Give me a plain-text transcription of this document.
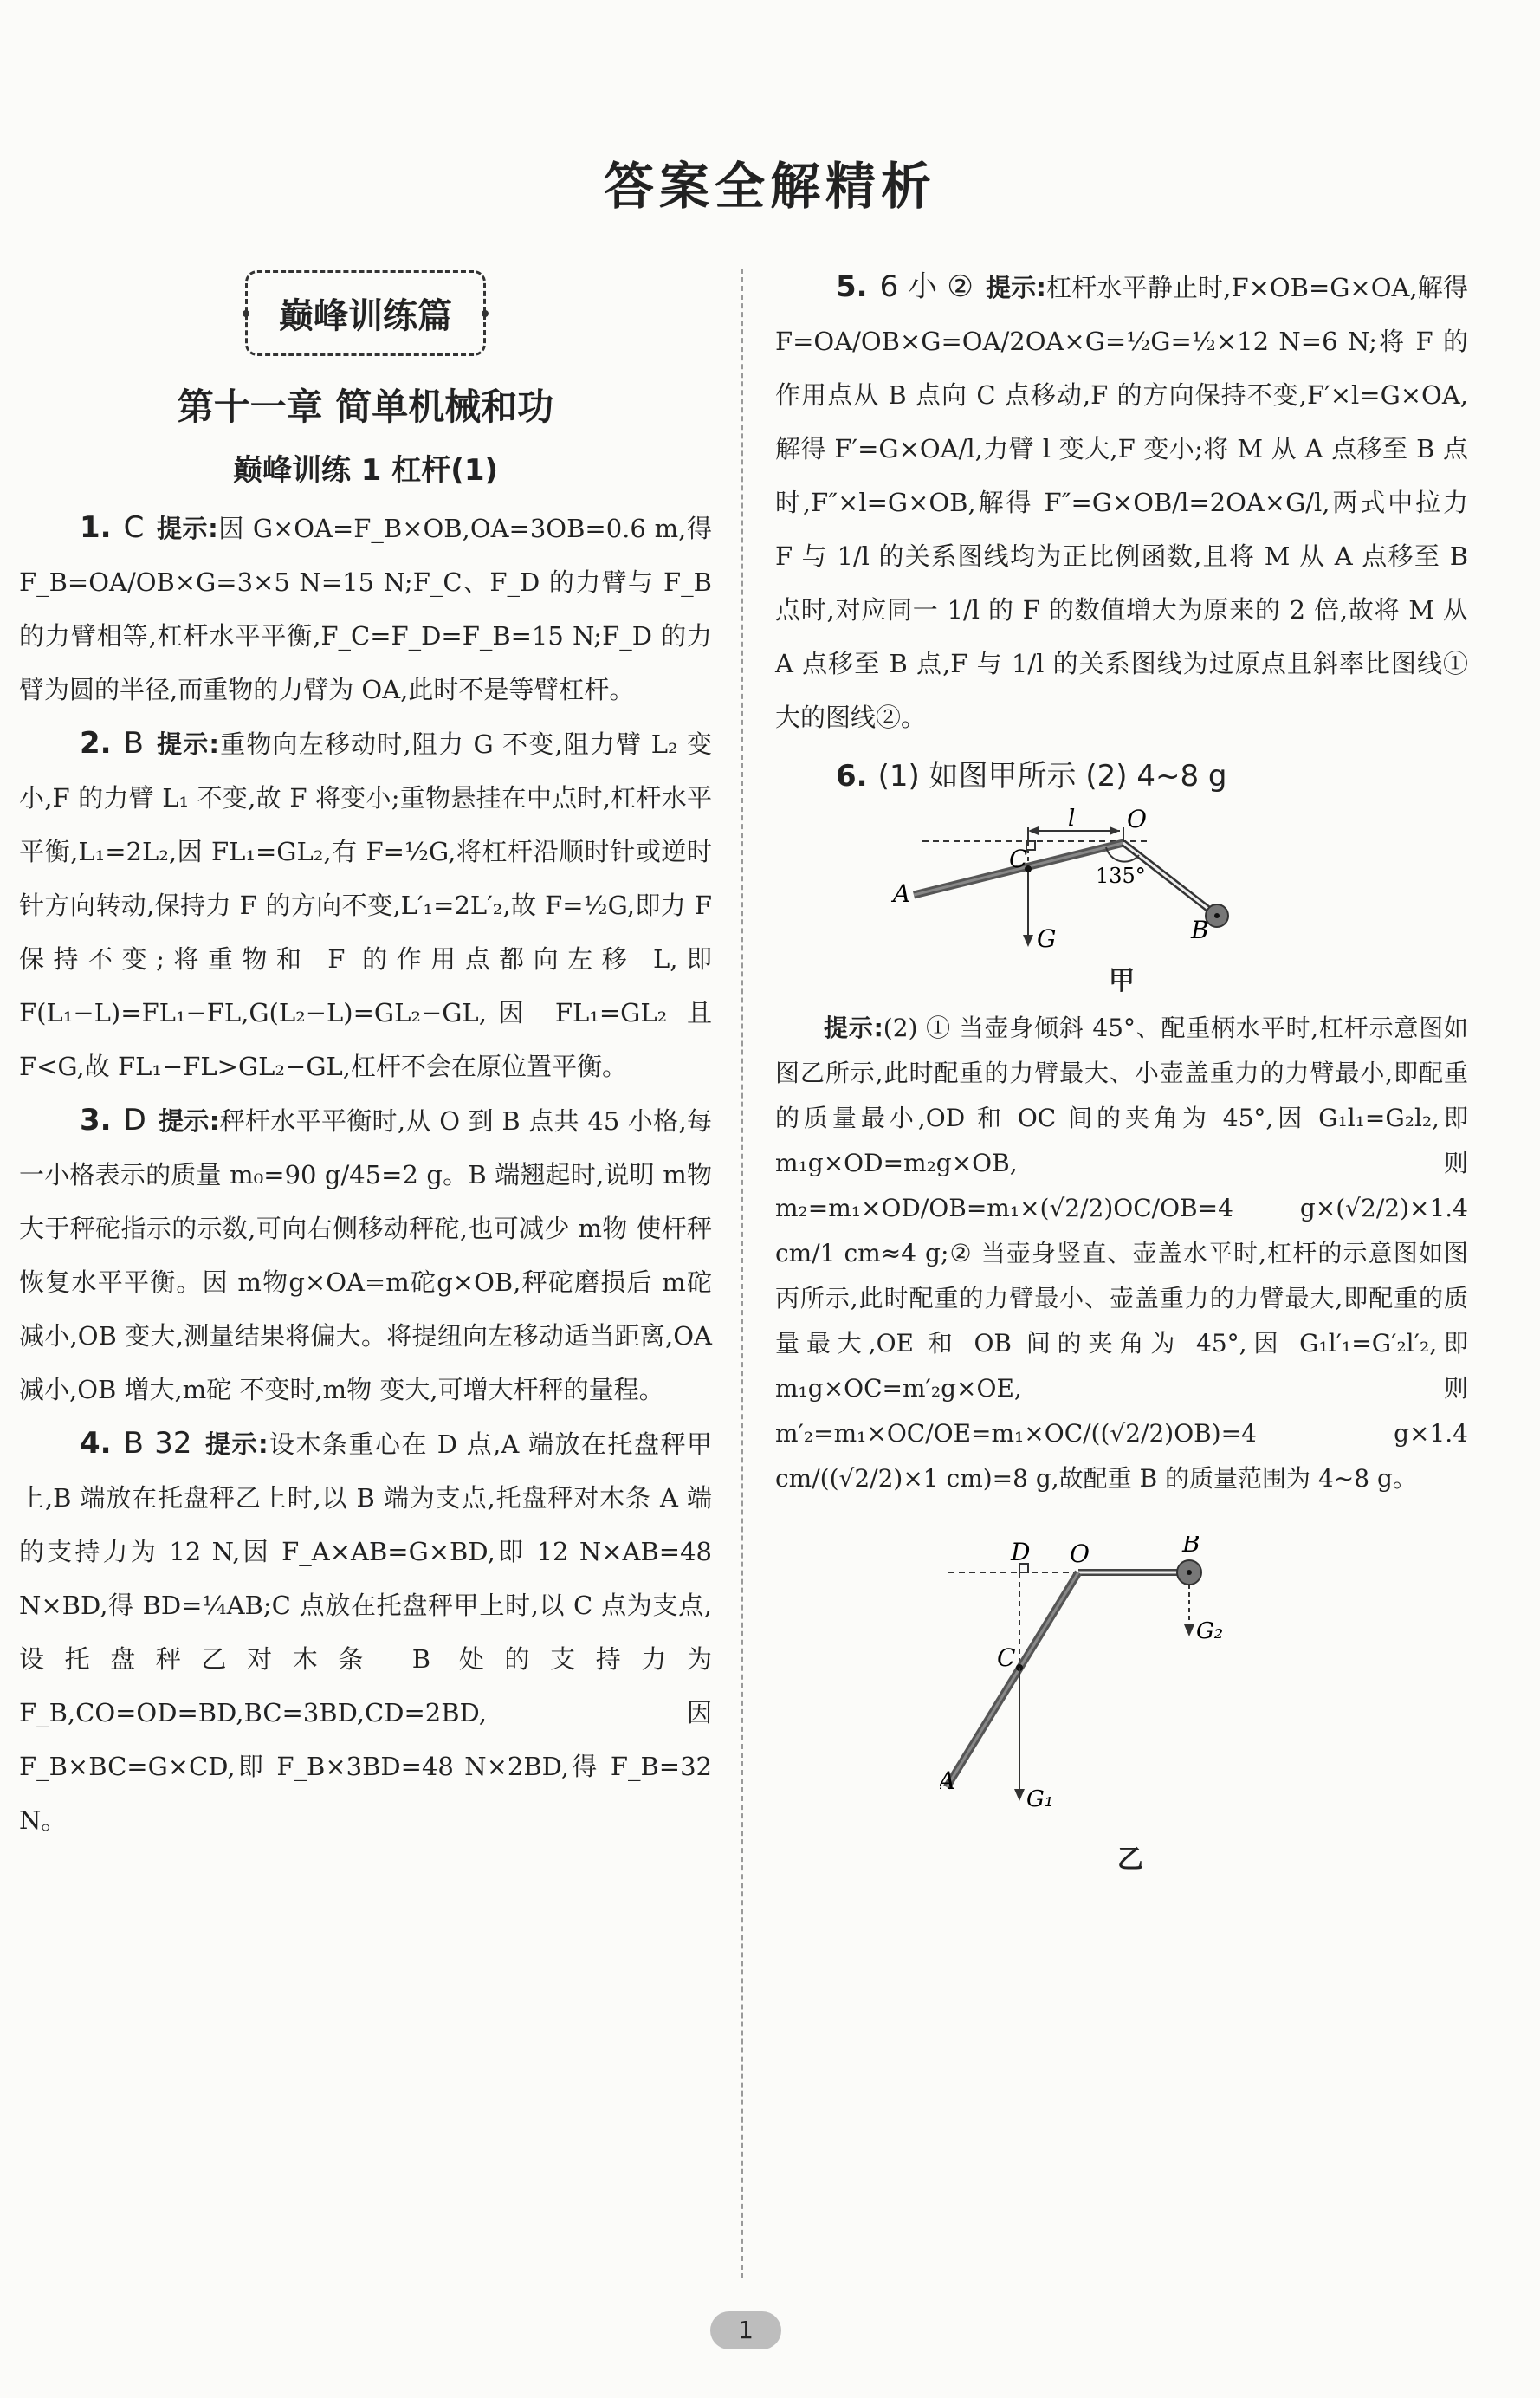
答案全解精析
巅峰训练篇
第十一章 简单机械和功
巅峰训练 1 杠杆(1)

1. C 提示:因 G×OA=F_B×OB,OA=3OB=0.6 m,得 F_B=OA/OB×G=3×5 N=15 N;F_C、F_D 的力臂与 F_B 的力臂相等,杠杆水平平衡,F_C=F_D=F_B=15 N;F_D 的力臂为圆的半径,而重物的力臂为 OA,此时不是等臂杠杆。

2. B 提示:重物向左移动时,阻力 G 不变,阻力臂 L₂ 变小,F 的力臂 L₁ 不变,故 F 将变小;重物悬挂在中点时,杠杆水平平衡,L₁=2L₂,因 FL₁=GL₂,有 F=½G,将杠杆沿顺时针或逆时针方向转动,保持力 F 的方向不变,L′₁=2L′₂,故 F=½G,即力 F 保持不变;将重物和 F 的作用点都向左移 L,即 F(L₁−L)=FL₁−FL,G(L₂−L)=GL₂−GL,因 FL₁=GL₂ 且 F<G,故 FL₁−FL>GL₂−GL,杠杆不会在原位置平衡。

3. D 提示:秤杆水平平衡时,从 O 到 B 点共 45 小格,每一小格表示的质量 m₀=90 g/45=2 g。B 端翘起时,说明 m物 大于秤砣指示的示数,可向右侧移动秤砣,也可减少 m物 使杆秤恢复水平平衡。因 m物g×OA=m砣g×OB,秤砣磨损后 m砣 减小,OB 变大,测量结果将偏大。将提纽向左移动适当距离,OA 减小,OB 增大,m砣 不变时,m物 变大,可增大杆秤的量程。

4. B 32 提示:设木条重心在 D 点,A 端放在托盘秤甲上,B 端放在托盘秤乙上时,以 B 端为支点,托盘秤对木条 A 端的支持力为 12 N,因 F_A×AB=G×BD,即 12 N×AB=48 N×BD,得 BD=¼AB;C 点放在托盘秤甲上时,以 C 点为支点,设托盘秤乙对木条 B 处的支持力为 F_B,CO=OD=BD,BC=3BD,CD=2BD,因 F_B×BC=G×CD,即 F_B×3BD=48 N×2BD,得 F_B=32 N。

5. 6 小 ② 提示:杠杆水平静止时,F×OB=G×OA,解得 F=OA/OB×G=OA/2OA×G=½G=½×12 N=6 N;将 F 的作用点从 B 点向 C 点移动,F 的方向保持不变,F′×l=G×OA,解得 F′=G×OA/l,力臂 l 变大,F 变小;将 M 从 A 点移至 B 点时,F″×l=G×OB,解得 F″=G×OB/l=2OA×G/l,两式中拉力 F 与 1/l 的关系图线均为正比例函数,且将 M 从 A 点移至 B 点时,对应同一 1/l 的 F 的数值增大为原来的 2 倍,故将 M 从 A 点移至 B 点,F 与 1/l 的关系图线为过原点且斜率比图线①大的图线②。

6. (1) 如图甲所示 (2) 4~8 g

l O
C
A
B
G
135°
甲

提示:(2) ① 当壶身倾斜 45°、配重柄水平时,杠杆示意图如图乙所示,此时配重的力臂最大、小壶盖重力的力臂最小,即配重的质量最小,OD 和 OC 间的夹角为 45°,因 G₁l₁=G₂l₂,即 m₁g×OD=m₂g×OB,则 m₂=m₁×OD/OB=m₁×(√2/2)OC/OB=4 g×(√2/2)×1.4 cm/1 cm≈4 g;② 当壶身竖直、壶盖水平时,杠杆的示意图如图丙所示,此时配重的力臂最小、壶盖重力的力臂最大,即配重的质量最大,OE 和 OB 间的夹角为 45°,因 G₁l′₁=G′₂l′₂,即 m₁g×OC=m′₂g×OE,则 m′₂=m₁×OC/OE=m₁×OC/((√2/2)OB)=4 g×1.4 cm/((√2/2)×1 cm)=8 g,故配重 B 的质量范围为 4~8 g。

D O	B
C
A
G₁
G₂
乙
1
